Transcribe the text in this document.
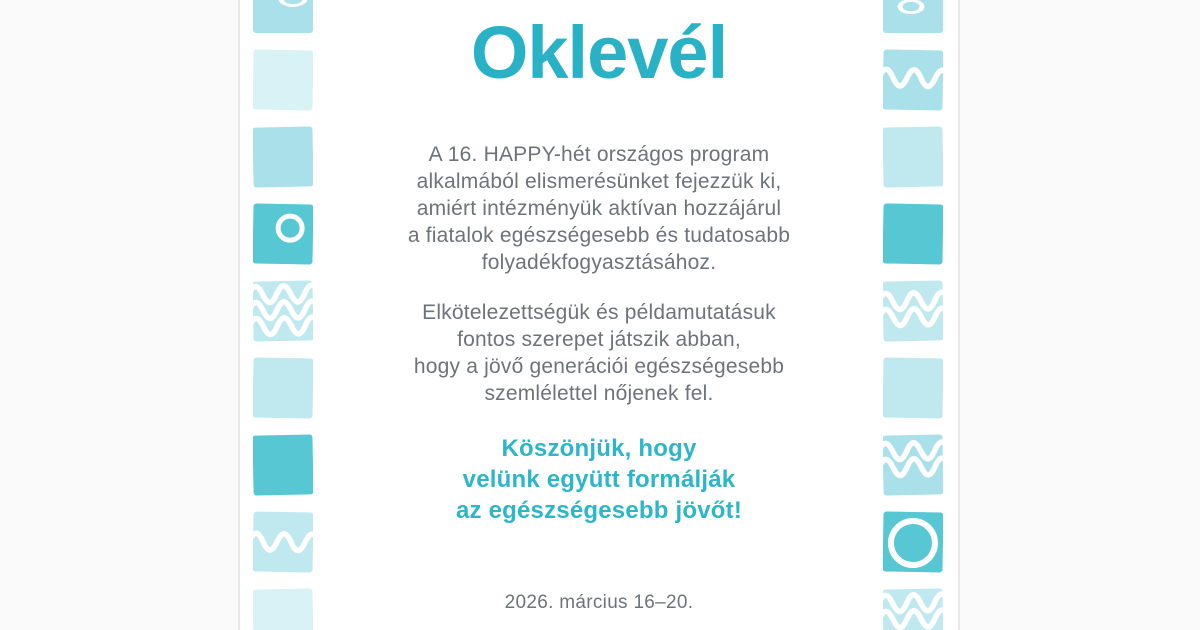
Oklevél

A 16. HAPPY-hét országos program
alkalmából elismerésünket fejezzük ki,
amiért intézményük aktívan hozzájárul
a fiatalok egészségesebb és tudatosabb
folyadékfogyasztásához.

Elkötelezettségük és példamutatásuk
fontos szerepet játszik abban,
hogy a jövő generációi egészségesebb
szemlélettel nőjenek fel.

Köszönjük, hogy
velünk együtt formálják
az egészségesebb jövőt!

2026. március 16–20.
